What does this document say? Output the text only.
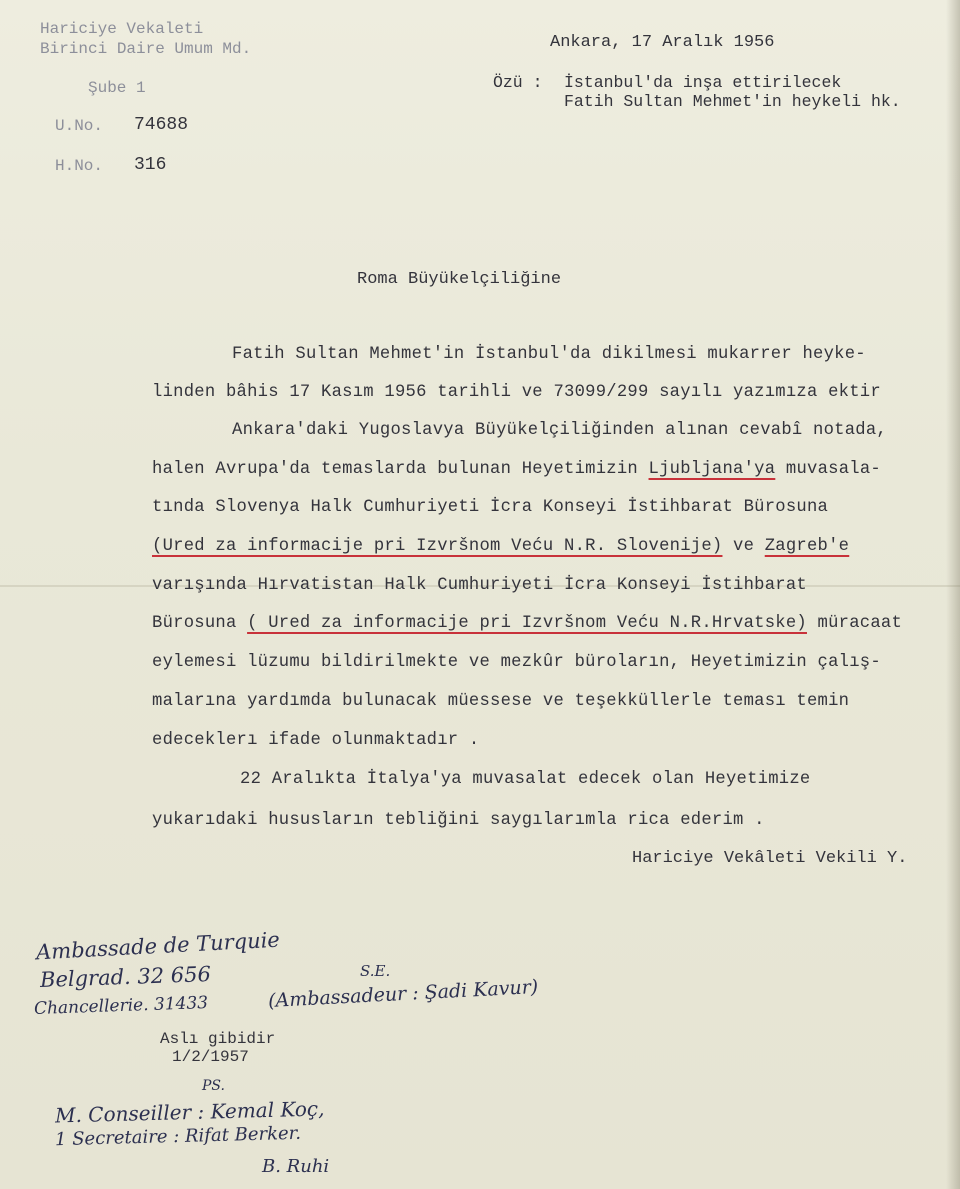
Hariciye Vekaleti
Birinci Daire Umum Md.
Şube 1
U.No. 74688
H.No. 316
Ankara, 17 Aralık 1956
Özü : İstanbul'da inşa ettirilecek
Fatih Sultan Mehmet'in heykeli hk.
Roma Büyükelçiliğine
Fatih Sultan Mehmet'in İstanbul'da dikilmesi mukarrer heyke-
linden bâhis 17 Kasım 1956 tarihli ve 73099/299 sayılı yazımıza ektir
Ankara'daki Yugoslavya Büyükelçiliğinden alınan cevabî notada,
halen Avrupa'da temaslarda bulunan Heyetimizin Ljubljana'ya muvasala-
tında Slovenya Halk Cumhuriyeti İcra Konseyi İstihbarat Bürosuna
(Ured za informacije pri Izvršnom Veću N.R. Slovenije) ve Zagreb'e
varışında Hırvatistan Halk Cumhuriyeti İcra Konseyi İstihbarat
Bürosuna ( Ured za informacije pri Izvršnom Veću N.R.Hrvatske) müracaat
eylemesi lüzumu bildirilmekte ve mezkûr büroların, Heyetimizin çalış-
malarına yardımda bulunacak müessese ve teşekküllerle teması temin
edeceklerı ifade olunmaktadır .
22 Aralıkta İtalya'ya muvasalat edecek olan Heyetimize
yukarıdaki hususların tebliğini saygılarımla rica ederim .
Hariciye Vekâleti Vekili Y.
Ambassade de Turquie
Belgrad. 32 656
Chancellerie. 31433
S.E.
(Ambassadeur : Şadi Kavur)
Aslı gibidir
1/2/1957
PS.
M. Conseiller : Kemal Koç,
1 Secretaire : Rifat Berker.
B. Ruhi
